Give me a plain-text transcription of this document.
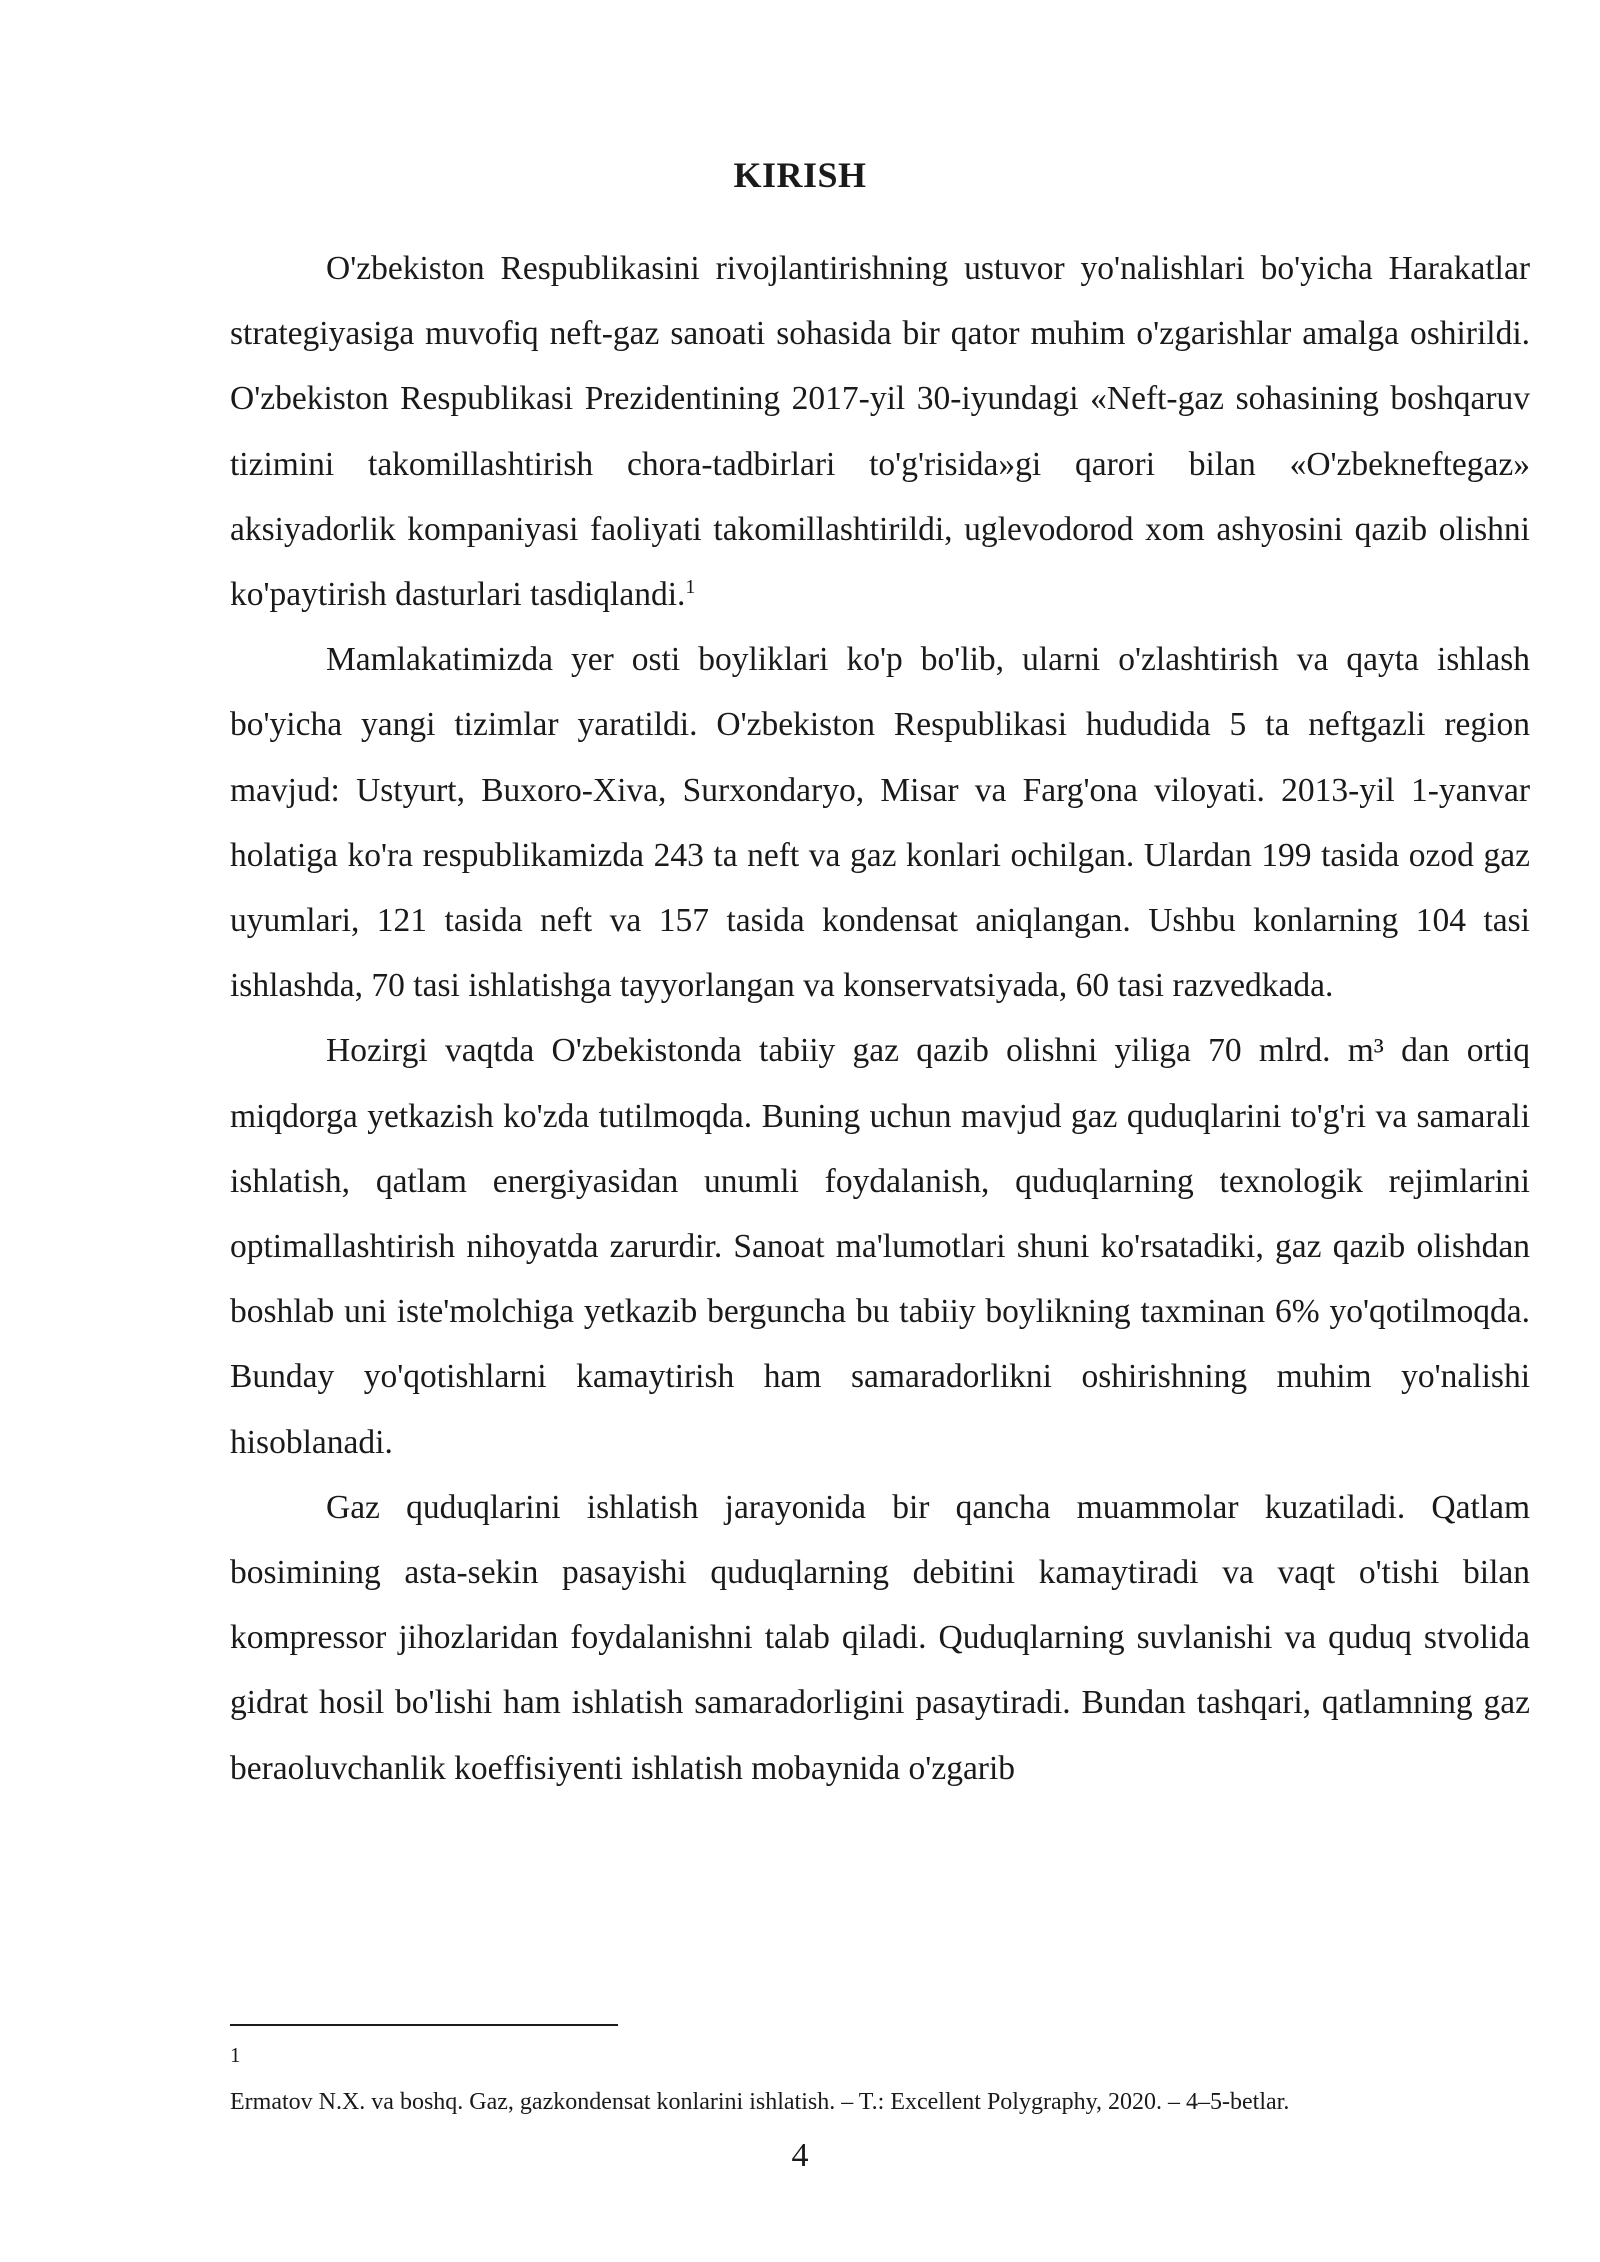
KIRISH

O'zbekiston Respublikasini rivojlantirishning ustuvor yo'nalishlari bo'yicha Harakatlar strategiyasiga muvofiq neft-gaz sanoati sohasida bir qator muhim o'zgarishlar amalga oshirildi. O'zbekiston Respublikasi Prezidentining 2017-yil 30-iyundagi «Neft-gaz sohasining boshqaruv tizimini takomillashtirish chora-tadbirlari to'g'risida»gi qarori bilan «O'zbekneftegaz» aksiyadorlik kompaniyasi faoliyati takomillashtirildi, uglevodorod xom ashyosini qazib olishni ko'paytirish dasturlari tasdiqlandi.$^1$

Mamlakatimizda yer osti boyliklari ko'p bo'lib, ularni o'zlashtirish va qayta ishlash bo'yicha yangi tizimlar yaratildi. O'zbekiston Respublikasi hududida 5 ta neftgazli region mavjud: Ustyurt, Buxoro-Xiva, Surxondaryo, Misar va Farg'ona viloyati. 2013-yil 1-yanvar holatiga ko'ra respublikamizda 243 ta neft va gaz konlari ochilgan. Ulardan 199 tasida ozod gaz uyumlari, 121 tasida neft va 157 tasida kondensat aniqlangan. Ushbu konlarning 104 tasi ishlashda, 70 tasi ishlatishga tayyorlangan va konservatsiyada, 60 tasi razvedkada.

Hozirgi vaqtda O'zbekistonda tabiiy gaz qazib olishni yiliga 70 mlrd. m³ dan ortiq miqdorga yetkazish ko'zda tutilmoqda. Buning uchun mavjud gaz quduqlarini to'g'ri va samarali ishlatish, qatlam energiyasidan unumli foydalanish, quduqlarning texnologik rejimlarini optimallashtirish nihoyatda zarurdir. Sanoat ma'lumotlari shuni ko'rsatadiki, gaz qazib olishdan boshlab uni iste'molchiga yetkazib berguncha bu tabiiy boylikning taxminan 6% yo'qotilmoqda. Bunday yo'qotishlarni kamaytirish ham samaradorlikni oshirishning muhim yo'nalishi hisoblanadi.

Gaz quduqlarini ishlatish jarayonida bir qancha muammolar kuzatiladi. Qatlam bosimining asta-sekin pasayishi quduqlarning debitini kamaytiradi va vaqt o'tishi bilan kompressor jihozlaridan foydalanishni talab qiladi. Quduqlarning suvlanishi va quduq stvolida gidrat hosil bo'lishi ham ishlatish samaradorligini pasaytiradi. Bundan tashqari, qatlamning gaz beraoluvchanlik koeffisiyenti ishlatish mobaynida o'zgarib

1
Ermatov N.X. va boshq. Gaz, gazkondensat konlarini ishlatish. – T.: Excellent Polygraphy, 2020. – 4–5-betlar.
4
